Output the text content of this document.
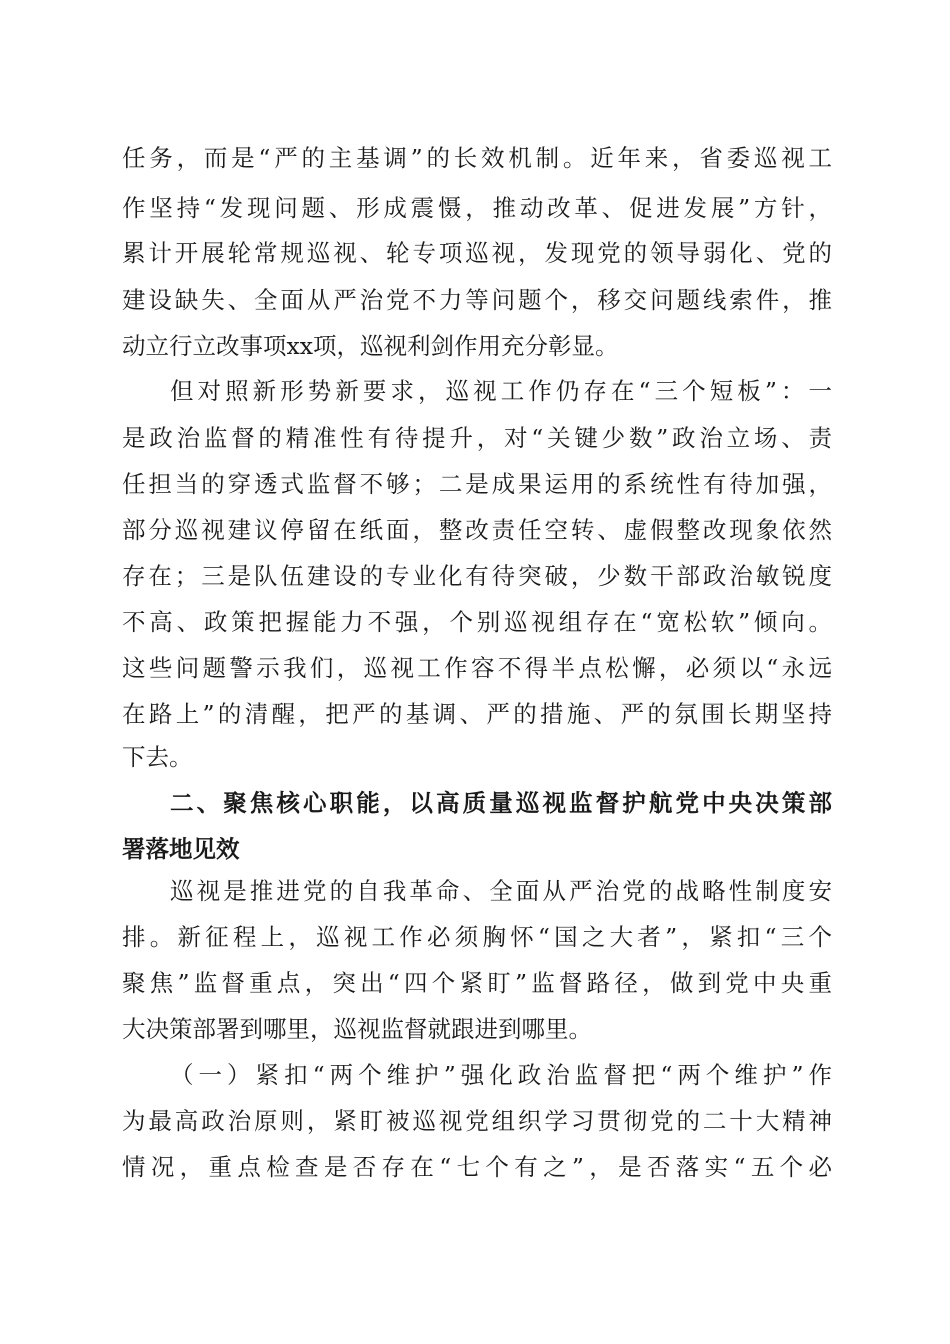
任务，而是“严的主基调”的长效机制。近年来，省委巡视工
作坚持“发现问题、形成震慑，推动改革、促进发展”方针，
累计开展轮常规巡视、轮专项巡视，发现党的领导弱化、党的
建设缺失、全面从严治党不力等问题个，移交问题线索件，推
动立行立改事项xx项，巡视利剑作用充分彰显。
但对照新形势新要求，巡视工作仍存在“三个短板”：一
是政治监督的精准性有待提升，对“关键少数”政治立场、责
任担当的穿透式监督不够；二是成果运用的系统性有待加强，
部分巡视建议停留在纸面，整改责任空转、虚假整改现象依然
存在；三是队伍建设的专业化有待突破，少数干部政治敏锐度
不高、政策把握能力不强，个别巡视组存在“宽松软”倾向。
这些问题警示我们，巡视工作容不得半点松懈，必须以“永远
在路上”的清醒，把严的基调、严的措施、严的氛围长期坚持
下去。
二、聚焦核心职能，以高质量巡视监督护航党中央决策部
署落地见效
巡视是推进党的自我革命、全面从严治党的战略性制度安
排。新征程上，巡视工作必须胸怀“国之大者”，紧扣“三个
聚焦”监督重点，突出“四个紧盯”监督路径，做到党中央重
大决策部署到哪里，巡视监督就跟进到哪里。
（一）紧扣“两个维护”强化政治监督把“两个维护”作
为最高政治原则，紧盯被巡视党组织学习贯彻党的二十大精神
情况，重点检查是否存在“七个有之”，是否落实“五个必
